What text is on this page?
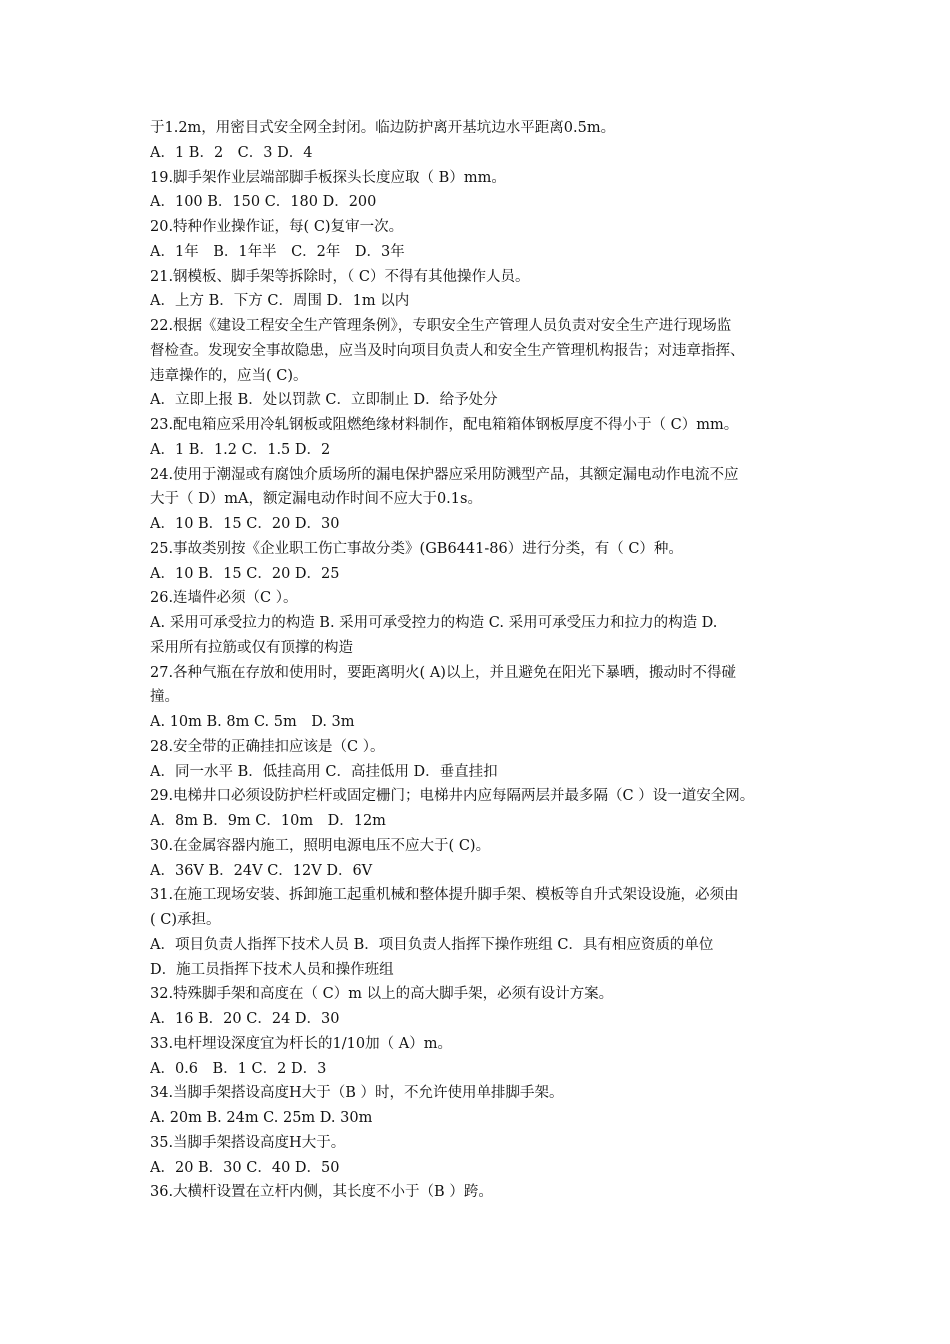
于1.2m，用密目式安全网全封闭。临边防护离开基坑边水平距离0.5m。
A．1 B．2　C．3 D．4
19.脚手架作业层端部脚手板探头长度应取（ B）mm。
A．100 B．150 C．180 D．200
20.特种作业操作证，每( C)复审一次。
A．1年　B．1年半　C．2年　D．3年
21.钢模板、脚手架等拆除时，（ C）不得有其他操作人员。
A．上方 B．下方 C．周围 D．1m 以内
22.根据《建设工程安全生产管理条例》，专职安全生产管理人员负责对安全生产进行现场监
督检查。发现安全事故隐患，应当及时向项目负责人和安全生产管理机构报告；对违章指挥、
违章操作的，应当( C)。
A．立即上报 B．处以罚款 C．立即制止 D．给予处分
23.配电箱应采用冷轧钢板或阻燃绝缘材料制作，配电箱箱体钢板厚度不得小于（ C）mm。
A．1 B．1.2 C．1.5 D．2
24.使用于潮湿或有腐蚀介质场所的漏电保护器应采用防溅型产品，其额定漏电动作电流不应
大于（ D）mA，额定漏电动作时间不应大于0.1s。
A．10 B．15 C．20 D．30
25.事故类别按《企业职工伤亡事故分类》(GB6441-86）进行分类，有（ C）种。
A．10 B．15 C．20 D．25
26.连墙件必须（C ）。
A. 采用可承受拉力的构造 B. 采用可承受控力的构造 C. 采用可承受压力和拉力的构造 D.
采用所有拉筋或仅有顶撑的构造
27.各种气瓶在存放和使用时，要距离明火( A)以上，并且避免在阳光下暴晒，搬动时不得碰
撞。
A. 10m B. 8m C. 5m　D. 3m
28.安全带的正确挂扣应该是（C ）。
A．同一水平 B．低挂高用 C．高挂低用 D．垂直挂扣
29.电梯井口必须设防护栏杆或固定栅门；电梯井内应每隔两层并最多隔（C ）设一道安全网。
A．8m B．9m C．10m　D．12m
30.在金属容器内施工，照明电源电压不应大于( C)。
A．36V B．24V C．12V D．6V
31.在施工现场安装、拆卸施工起重机械和整体提升脚手架、模板等自升式架设设施，必须由
( C)承担。
A．项目负责人指挥下技术人员 B．项目负责人指挥下操作班组 C．具有相应资质的单位
D．施工员指挥下技术人员和操作班组
32.特殊脚手架和高度在（ C）m 以上的高大脚手架，必须有设计方案。
A．16 B．20 C．24 D．30
33.电杆埋设深度宜为杆长的1/10加（ A）m。
A．0.6　B．1 C．2 D．3
34.当脚手架搭设高度H大于（B ）时，不允许使用单排脚手架。
A. 20m B. 24m C. 25m D. 30m
35.当脚手架搭设高度H大于。
A．20 B．30 C．40 D．50
36.大横杆设置在立杆内侧，其长度不小于（B ）跨。
